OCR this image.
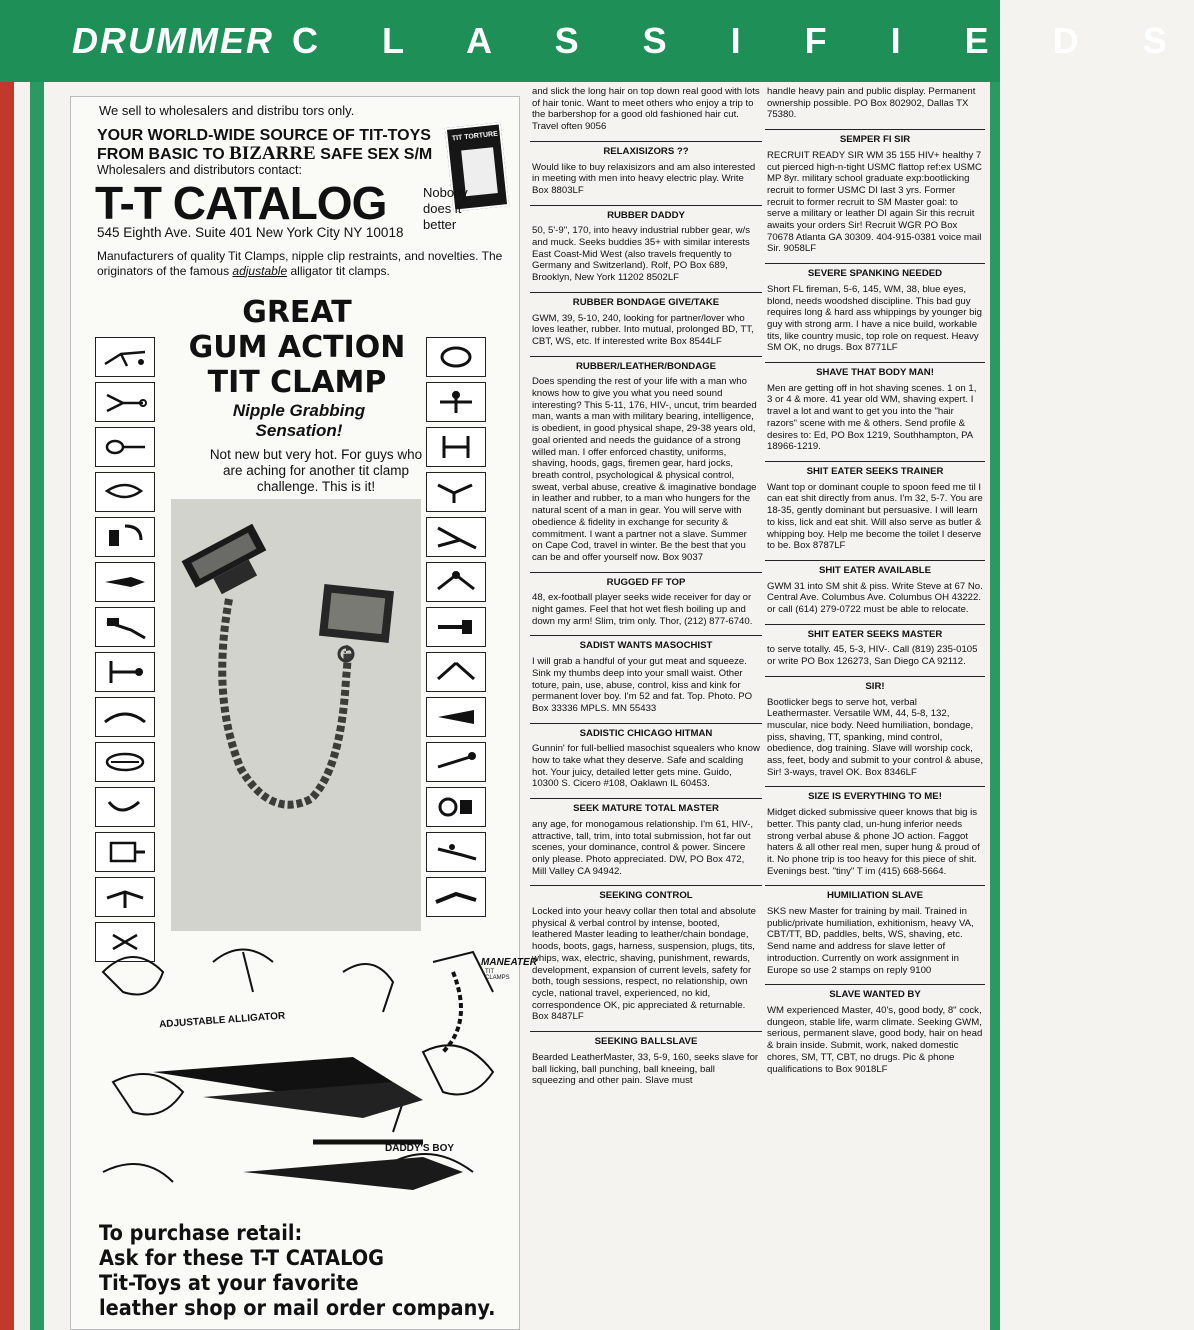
DRUMMER C L A S S I F I E D S
We sell to wholesalers and distribu tors only.
YOUR WORLD-WIDE SOURCE OF TIT-TOYS
FROM BASIC TO BIZARRE SAFE SEX S/M
TIT TORTURE
Wholesalers and distributors contact:
T-T CATALOG	Nobody does it better
545 Eighth Ave. Suite 401 New York City NY 10018
Manufacturers of quality Tit Clamps, nipple clip restraints, and novelties. The originators of the famous adjustable alligator tit clamps.
GREAT
GUM ACTION
TIT CLAMP
Nipple Grabbing
Sensation!
Not new but very hot. For guys who are aching for another tit clamp challenge. This is it!
MANEATER
TIT CLAMPS
ADJUSTABLE ALLIGATOR
DADDY'S BOY
To purchase retail:
Ask for these T-T CATALOG
Tit-Toys at your favorite
leather shop or mail order company.
and slick the long hair on top down real good with lots of hair tonic. Want to meet others who enjoy a trip to the barbershop for a good old fashioned hair cut. Travel often 9056
RELAXISIZORS ??
Would like to buy relaxisizors and am also interested in meeting with men into heavy electric play. Write Box 8803LF
RUBBER DADDY
50, 5'-9", 170, into heavy industrial rubber gear, w/s and muck. Seeks buddies 35+ with similar interests East Coast-Mid West (also travels frequently to Germany and Switzerland). Rolf, PO Box 689, Brooklyn, New York 11202 8502LF
RUBBER BONDAGE GIVE/TAKE
GWM, 39, 5-10, 240, looking for partner/lover who loves leather, rubber. Into mutual, prolonged BD, TT, CBT, WS, etc. If interested write Box 8544LF
RUBBER/LEATHER/BONDAGE
Does spending the rest of your life with a man who knows how to give you what you need sound interesting? This 5-11, 176, HIV-, uncut, trim bearded man, wants a man with military bearing, intelligence, is obedient, in good physical shape, 29-38 years old, goal oriented and needs the guidance of a strong willed man. I offer enforced chastity, uniforms, shaving, hoods, gags, firemen gear, hard jocks, breath control, psychological & physical control, sweat, verbal abuse, creative & imaginative bondage in leather and rubber, to a man who hungers for the natural scent of a man in gear. You will serve with obedience & fidelity in exchange for security & commitment. I want a partner not a slave. Summer on Cape Cod, travel in winter. Be the best that you can be and offer yourself now. Box 9037
RUGGED FF TOP
48, ex-football player seeks wide receiver for day or night games. Feel that hot wet flesh boiling up and down my arm! Slim, trim only. Thor, (212) 877-6740.
SADIST WANTS MASOCHIST
I will grab a handful of your gut meat and squeeze. Sink my thumbs deep into your small waist. Other toture, pain, use, abuse, control, kiss and kink for permanent lover boy. I'm 52 and fat. Top. Photo. PO Box 33336 MPLS. MN 55433
SADISTIC CHICAGO HITMAN
Gunnin' for full-bellied masochist squealers who know how to take what they deserve. Safe and scalding hot. Your juicy, detailed letter gets mine. Guido, 10300 S. Cicero #108, Oaklawn IL 60453.
SEEK MATURE TOTAL MASTER
any age, for monogamous relationship. I'm 61, HIV-, attractive, tall, trim, into total submission, hot far out scenes, your dominance, control & power. Sincere only please. Photo appreciated. DW, PO Box 472, Mill Valley CA 94942.
SEEKING CONTROL
Locked into your heavy collar then total and absolute physical & verbal control by intense, booted, leathered Master leading to leather/chain bondage, hoods, boots, gags, harness, suspension, plugs, tits, whips, wax, electric, shaving, punishment, rewards, development, expansion of current levels, safety for both, tough sessions, respect, no relationship, own cycle, national travel, experienced, no kid, correspondence OK, pic appreciated & returnable. Box 8487LF
SEEKING BALLSLAVE
Bearded LeatherMaster, 33, 5-9, 160, seeks slave for ball licking, ball punching, ball kneeing, ball squeezing and other pain. Slave must
handle heavy pain and public display. Permanent ownership possible. PO Box 802902, Dallas TX 75380.
SEMPER FI SIR
RECRUIT READY SIR WM 35 155 HIV+ healthy 7 cut pierced high-n-tight USMC flattop ref:ex USMC MP 8yr. military school graduate exp:bootlicking recruit to former USMC DI last 3 yrs. Former recruit to former recruit to SM Master goal: to serve a military or leather DI again Sir this recruit awaits your orders Sir! Recruit WGR PO Box 70678 Atlanta GA 30309. 404-915-0381 voice mail Sir. 9058LF
SEVERE SPANKING NEEDED
Short FL fireman, 5-6, 145, WM, 38, blue eyes, blond, needs woodshed discipline. This bad guy requires long & hard ass whippings by younger big guy with strong arm. I have a nice build, workable tits, like country music, top role on request. Heavy SM OK, no drugs. Box 8771LF
SHAVE THAT BODY MAN!
Men are getting off in hot shaving scenes. 1 on 1, 3 or 4 & more. 41 year old WM, shaving expert. I travel a lot and want to get you into the "hair razors" scene with me & others. Send profile & desires to: Ed, PO Box 1219, Southhampton, PA 18966-1219.
SHIT EATER SEEKS TRAINER
Want top or dominant couple to spoon feed me til I can eat shit directly from anus. I'm 32, 5-7. You are 18-35, gently dominant but persuasive. I will learn to kiss, lick and eat shit. Will also serve as butler & whipping boy. Help me become the toilet I deserve to be. Box 8787LF
SHIT EATER AVAILABLE
GWM 31 into SM shit & piss. Write Steve at 67 No. Central Ave. Columbus Ave. Columbus OH 43222. or call (614) 279-0722 must be able to relocate.
SHIT EATER SEEKS MASTER
to serve totally. 45, 5-3, HIV-. Call (819) 235-0105 or write PO Box 126273, San Diego CA 92112.
SIR!
Bootlicker begs to serve hot, verbal Leathermaster. Versatile WM, 44, 5-8, 132, muscular, nice body. Need humiliation, bondage, piss, shaving, TT, spanking, mind control, obedience, dog training. Slave will worship cock, ass, feet, body and submit to your control & abuse, Sir! 3-ways, travel OK. Box 8346LF
SIZE IS EVERYTHING TO ME!
Midget dicked submissive queer knows that big is better. This panty clad, un-hung inferior needs strong verbal abuse & phone JO action. Faggot haters & all other real men, super hung & proud of it. No phone trip is too heavy for this piece of shit. Evenings best. "tiny" T im (415) 668-5664.
HUMILIATION SLAVE
SKS new Master for training by mail. Trained in public/private humiliation, exhitionism, heavy VA, CBT/TT, BD, paddles, belts, WS, shaving, etc. Send name and address for slave letter of introduction. Currently on work assignment in Europe so use 2 stamps on reply 9100
SLAVE WANTED BY
WM experienced Master, 40's, good body, 8" cock, dungeon, stable life, warm climate. Seeking GWM, serious, permanent slave, good body, hair on head & brain inside. Submit, work, naked domestic chores, SM, TT, CBT, no drugs. Pic & phone qualifications to Box 9018LF
